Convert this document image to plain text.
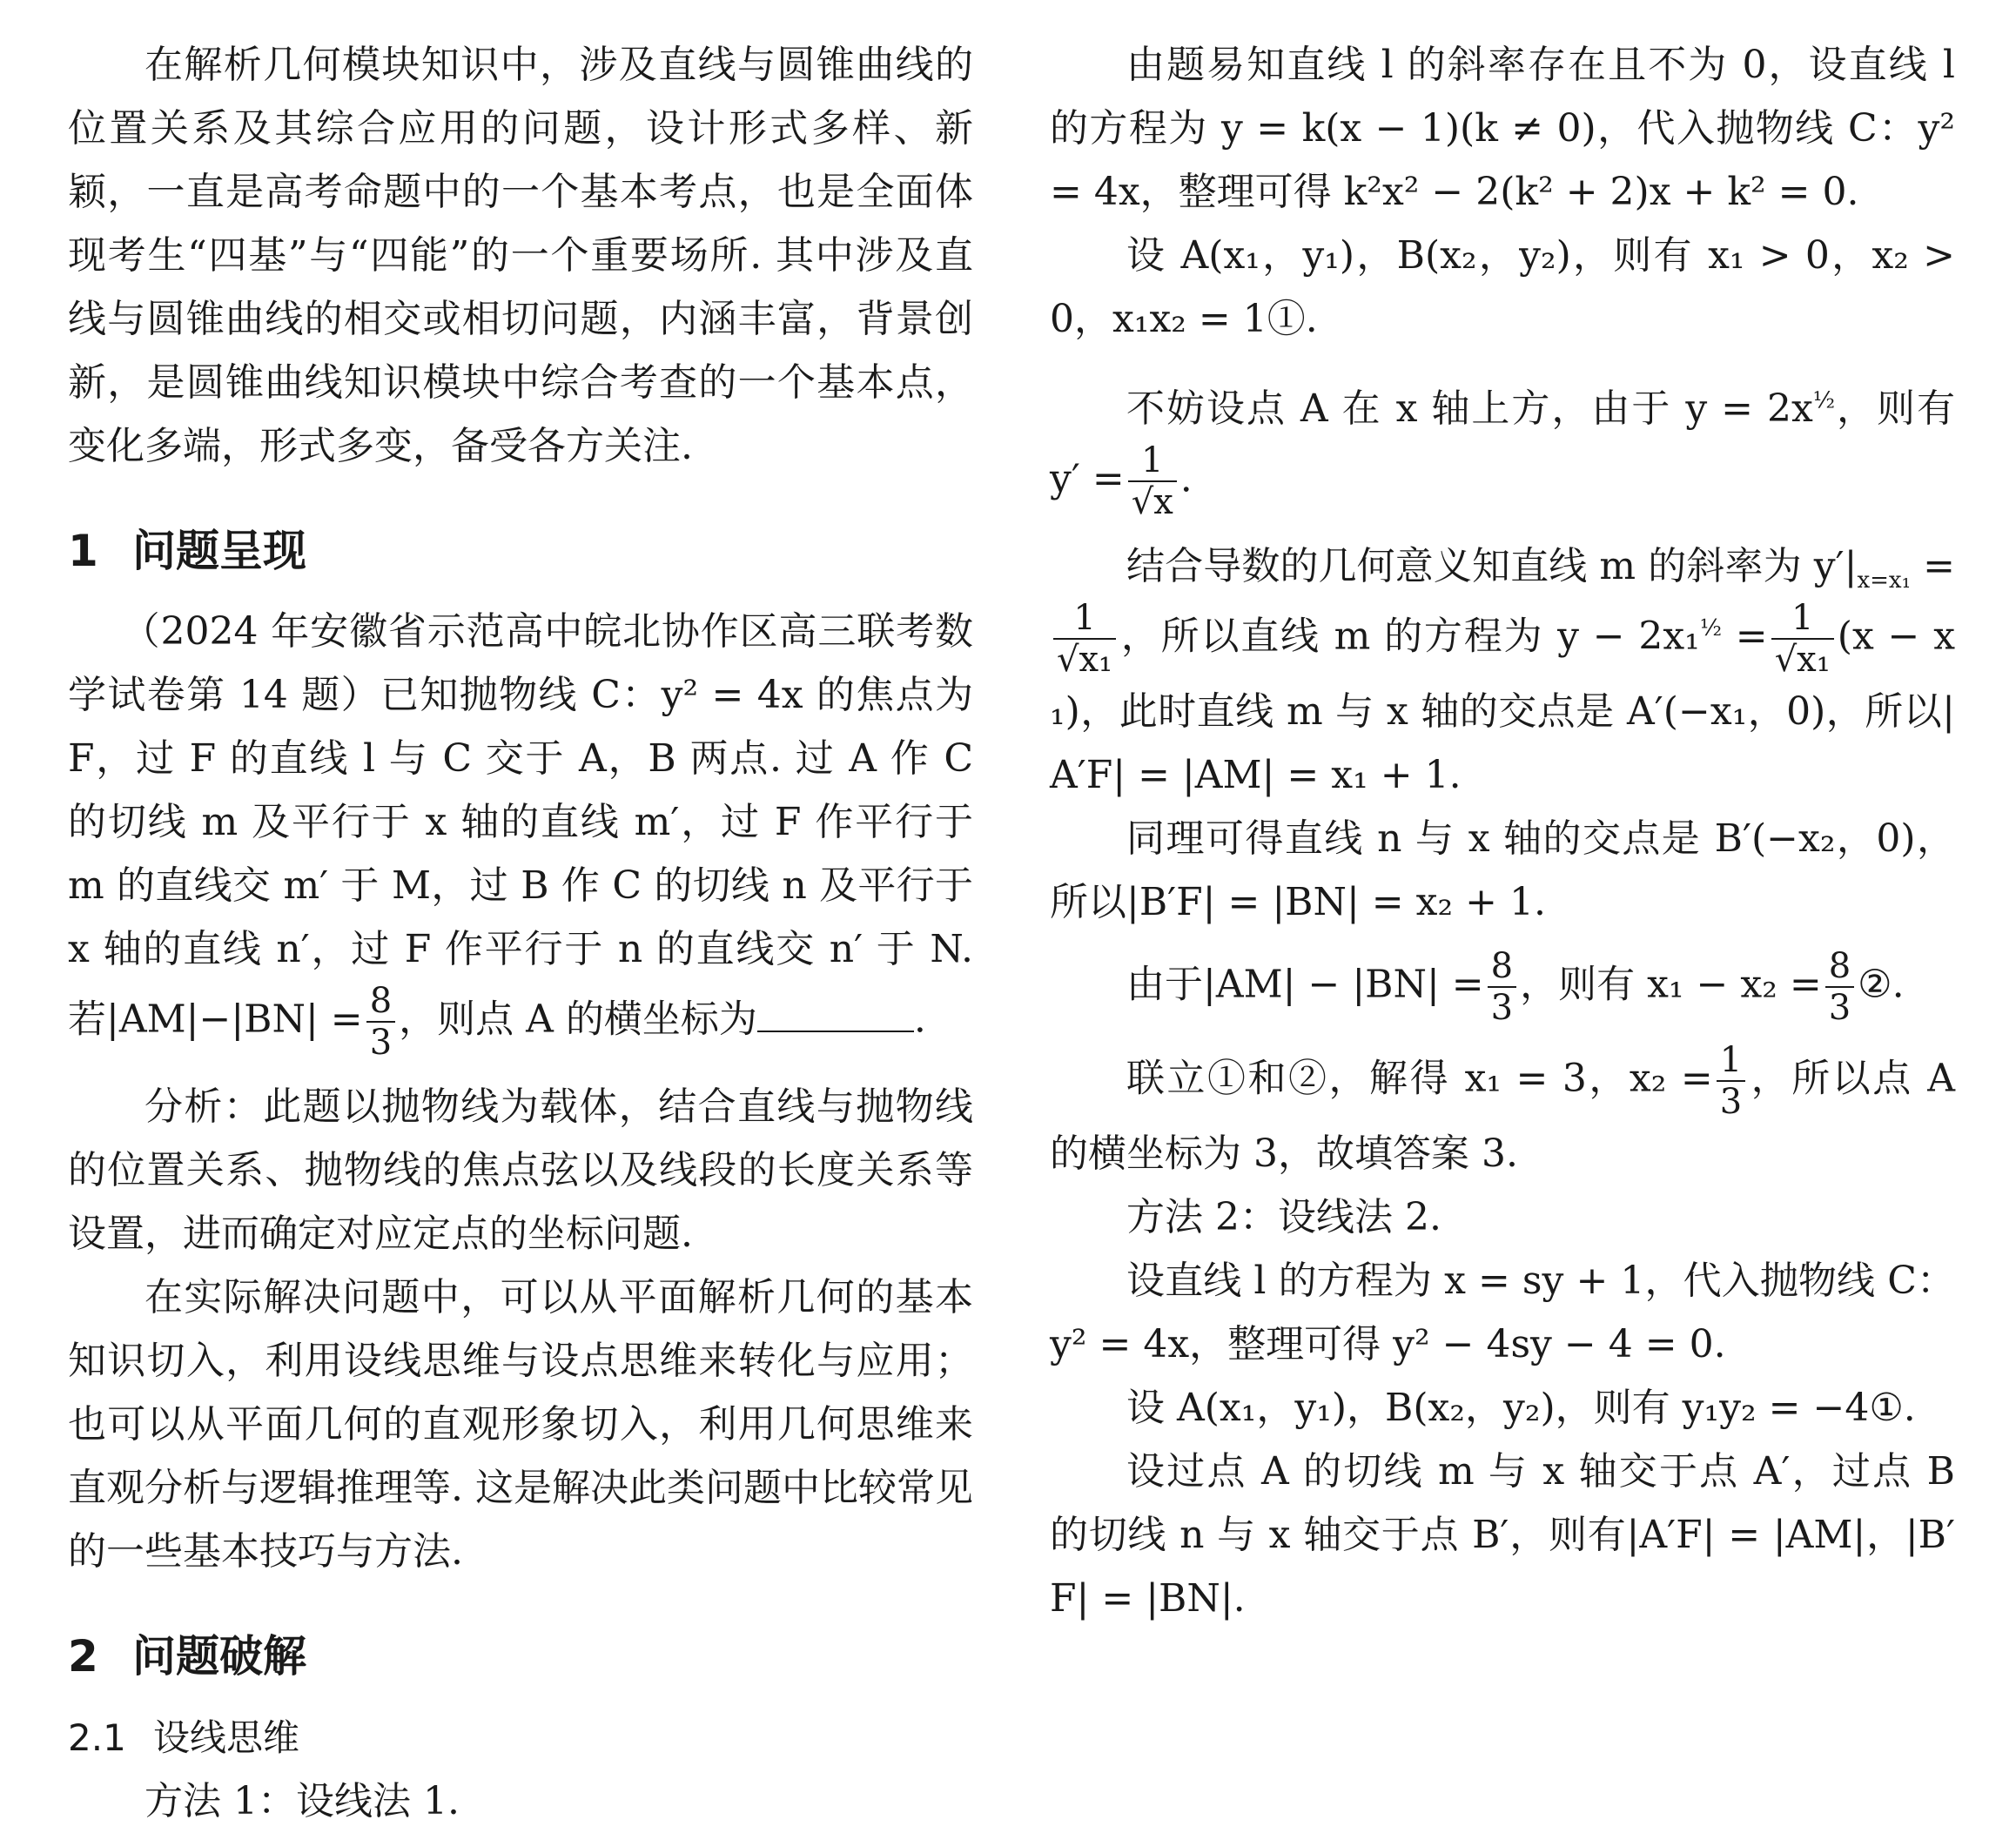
在解析几何模块知识中，涉及直线与圆锥曲线的位置关系及其综合应用的问题，设计形式多样、新颖，一直是高考命题中的一个基本考点，也是全面体现考生“四基”与“四能”的一个重要场所. 其中涉及直线与圆锥曲线的相交或相切问题，内涵丰富，背景创新，是圆锥曲线知识模块中综合考查的一个基本点，变化多端，形式多变，备受各方关注.

1 问题呈现

（2024 年安徽省示范高中皖北协作区高三联考数学试卷第 14 题）已知抛物线 C：y² = 4x 的焦点为 F，过 F 的直线 l 与 C 交于 A，B 两点. 过 A 作 C 的切线 m 及平行于 x 轴的直线 m′，过 F 作平行于 m 的直线交 m′ 于 M，过 B 作 C 的切线 n 及平行于 x 轴的直线 n′，过 F 作平行于 n 的直线交 n′ 于 N. 若$|AM|-|BN| = \frac{8}{3}$ ，则点 A 的横坐标为	.

分析：此题以抛物线为载体，结合直线与抛物线的位置关系、抛物线的焦点弦以及线段的长度关系等设置，进而确定对应定点的坐标问题.

在实际解决问题中，可以从平面解析几何的基本知识切入，利用设线思维与设点思维来转化与应用；也可以从平面几何的直观形象切入，利用几何思维来直观分析与逻辑推理等. 这是解决此类问题中比较常见的一些基本技巧与方法.

2 问题破解
2.1 设线思维

方法 1：设线法 1.

由题易知直线 l 的斜率存在且不为 0，设直线 l 的方程为 y = k(x − 1)(k ≠ 0)，代入抛物线 C：y² = 4x，整理可得 k²x² − 2(k² + 2)x + k² = 0.

设 A(x₁，y₁)，B(x₂，y₂)，则有 x₁ > 0，x₂ > 0，x₁x₂ = 1①.

不妨设点 A 在 x 轴上方，由于 $y = 2x^{\frac{1}{2}}$，则有 $y' = \frac{1}{√x}$ .

结合导数的几何意义知直线 m 的斜率为 $y'|_{x=x_1}$ =
$\frac{1}{\text{√x₁}}$ ，所以直线 m 的方程为 $y - 2x_1^{\frac{1}{2}} = \frac{1}{\text{√x₁}} (x - x_1)$，此时直线 m 与 x 轴的交点是 A′(−x₁，0)，所以|A′F| = |AM| = x₁ + 1.

同理可得直线 n 与 x 轴的交点是 B′(−x₂，0)，所以|B′F| = |BN| = x₂ + 1.

由于$|AM| - |BN| = \frac{8}{3}$ ，则有 $x_1 - x_2 = \frac{8}{3}$ ②.

联立①和②，解得 x₁ = 3，$x_2 = \frac{1}{3}$ ，所以点 A 的横坐标为 3，故填答案 3.

方法 2：设线法 2.

设直线 l 的方程为 x = sy + 1，代入抛物线 C：y² = 4x，整理可得 y² − 4sy − 4 = 0.

设 A(x₁，y₁)，B(x₂，y₂)，则有 y₁y₂ = −4①.

设过点 A 的切线 m 与 x 轴交于点 A′，过点 B 的切线 n 与 x 轴交于点 B′，则有|A′F| = |AM|，|B′F| = |BN|.
